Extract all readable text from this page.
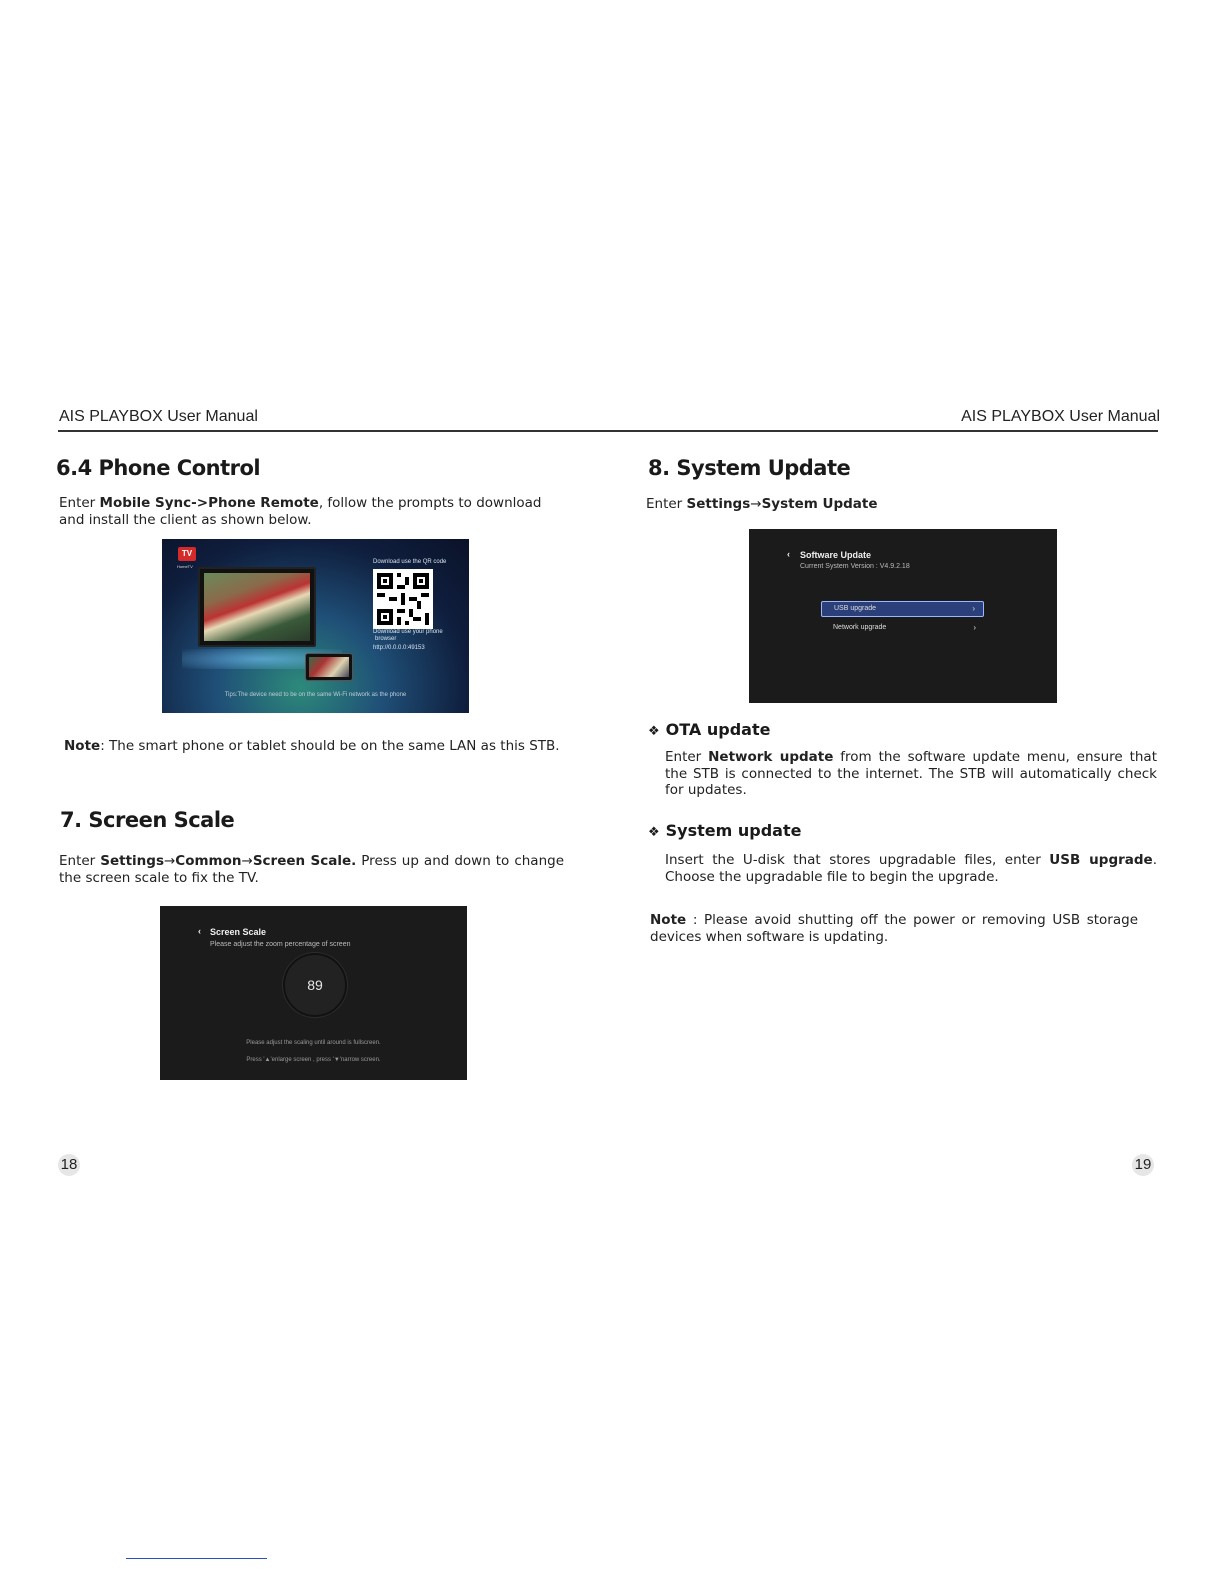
AIS PLAYBOX User Manual	AIS PLAYBOX User Manual
6.4 Phone Control
Enter Mobile Sync->Phone Remote, follow the prompts to download and install the client as shown below.
TV
HomeTV
Download use the QR code
Download use your phone
browser
http://0.0.0.0:49153
Tips:The device need to be on the same Wi-Fi network as the phone
Note: The smart phone or tablet should be on the same LAN as this STB.
7. Screen Scale
Enter Settings→Common→Screen Scale. Press up and down to change the screen scale to fix the TV.
‹ Screen Scale
Please adjust the zoom percentage of screen
89
Please adjust the scaling until around is fullscreen.
Press '▲'enlarge screen , press '▼'narrow screen.
18
8. System Update
Enter Settings→System Update
‹ Software Update
Current System Version : V4.9.2.18
USB upgrade	›
Network upgrade	›
❖ OTA update
Enter Network update from the software update menu, ensure that the STB is connected to the internet. The STB will automatically check for updates.
❖ System update
Insert the U-disk that stores upgradable files, enter USB upgrade. Choose the upgradable file to begin the upgrade.
Note : Please avoid shutting off the power or removing USB storage devices when software is updating.
19
